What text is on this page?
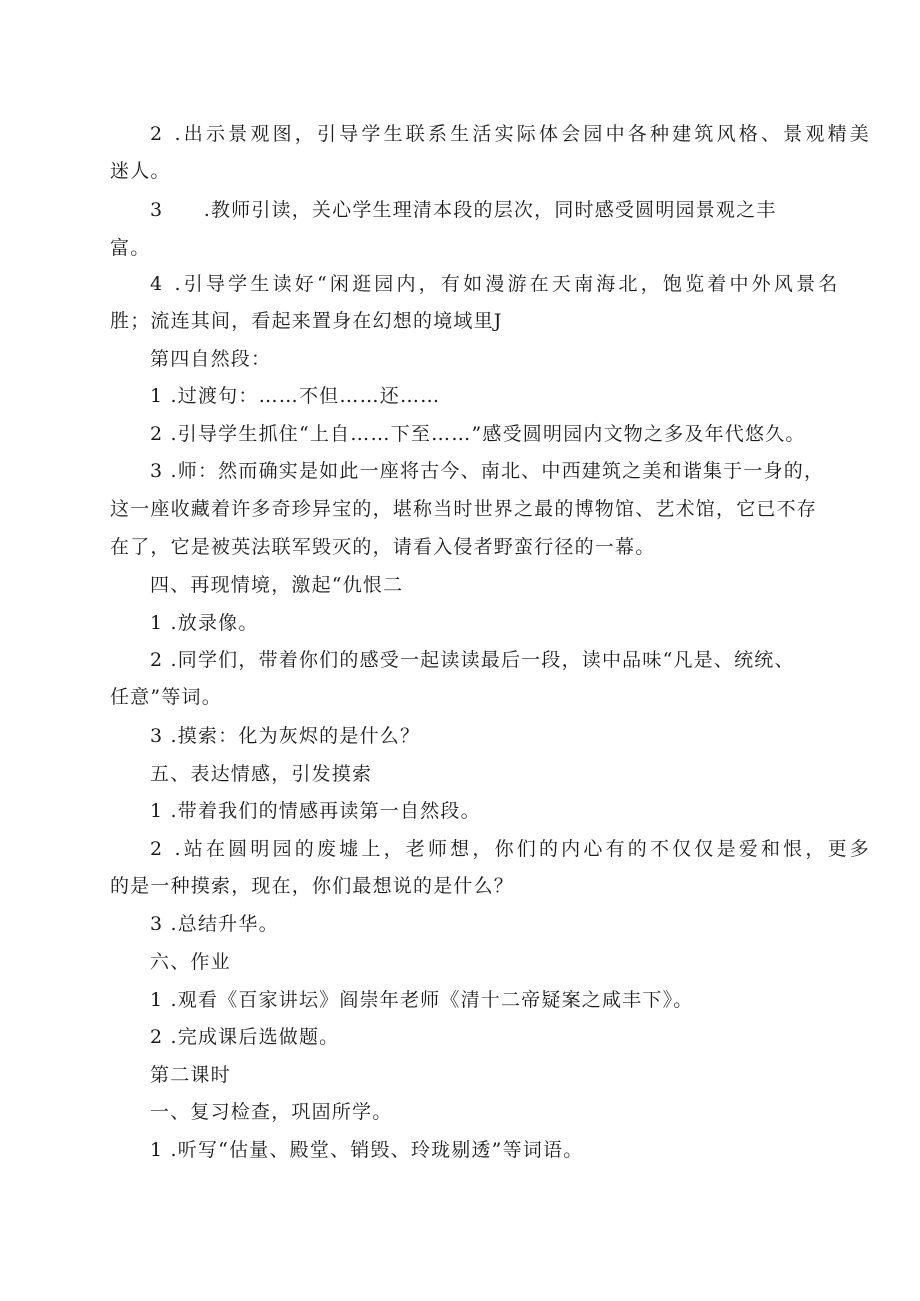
2 .出示景观图，引导学生联系生活实际体会园中各种建筑风格、景观精美
迷人。
3　　.教师引读，关心学生理清本段的层次，同时感受圆明园景观之丰
富。
4 .引导学生读好“闲逛园内，有如漫游在天南海北，饱览着中外风景名
胜；流连其间，看起来置身在幻想的境域里J
第四自然段：
1 .过渡句：……不但……还……
2 .引导学生抓住“上自……下至……”感受圆明园内文物之多及年代悠久。
3 .师：然而确实是如此一座将古今、南北、中西建筑之美和谐集于一身的，
这一座收藏着许多奇珍异宝的，堪称当时世界之最的博物馆、艺术馆，它已不存
在了，它是被英法联军毁灭的，请看入侵者野蛮行径的一幕。
四、再现情境，激起“仇恨二
1 .放录像。
2 .同学们，带着你们的感受一起读读最后一段，读中品味“凡是、统统、
任意”等词。
3 .摸索：化为灰烬的是什么？
五、表达情感，引发摸索
1 .带着我们的情感再读第一自然段。
2 .站在圆明园的废墟上，老师想，你们的内心有的不仅仅是爱和恨，更多
的是一种摸索，现在，你们最想说的是什么？
3 .总结升华。
六、作业
1 .观看《百家讲坛》阎崇年老师《清十二帝疑案之咸丰下》。
2 .完成课后选做题。
第二课时
一、复习检查，巩固所学。
1 .听写“估量、殿堂、销毁、玲珑剔透”等词语。
